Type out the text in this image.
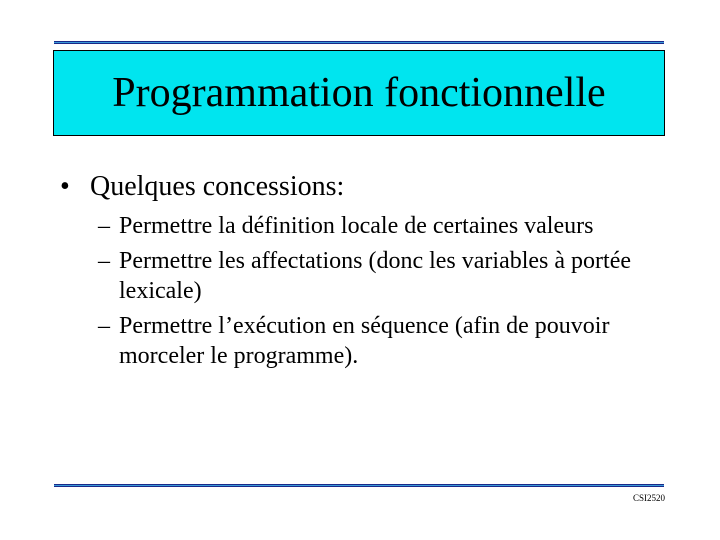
Programmation fonctionnelle
• Quelques concessions:
– Permettre la définition locale de certaines valeurs
– Permettre les affectations (donc les variables à portée lexicale)
– Permettre l’exécution en séquence (afin de pouvoir morceler le programme).
CSI2520
